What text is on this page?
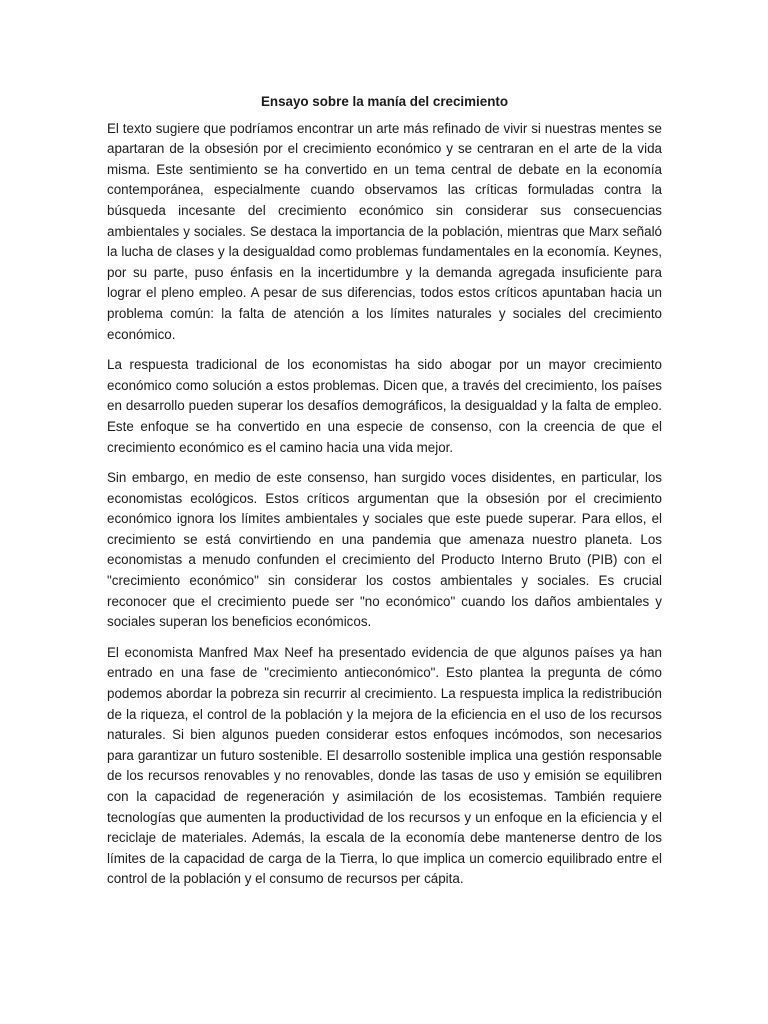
Ensayo sobre la manía del crecimiento

El texto sugiere que podríamos encontrar un arte más refinado de vivir si nuestras mentes se apartaran de la obsesión por el crecimiento económico y se centraran en el arte de la vida misma. Este sentimiento se ha convertido en un tema central de debate en la economía contemporánea, especialmente cuando observamos las críticas formuladas contra la búsqueda incesante del crecimiento económico sin considerar sus consecuencias ambientales y sociales. Se destaca la importancia de la población, mientras que Marx señaló la lucha de clases y la desigualdad como problemas fundamentales en la economía. Keynes, por su parte, puso énfasis en la incertidumbre y la demanda agregada insuficiente para lograr el pleno empleo. A pesar de sus diferencias, todos estos críticos apuntaban hacia un problema común: la falta de atención a los límites naturales y sociales del crecimiento económico.

La respuesta tradicional de los economistas ha sido abogar por un mayor crecimiento económico como solución a estos problemas. Dicen que, a través del crecimiento, los países en desarrollo pueden superar los desafíos demográficos, la desigualdad y la falta de empleo. Este enfoque se ha convertido en una especie de consenso, con la creencia de que el crecimiento económico es el camino hacia una vida mejor.

Sin embargo, en medio de este consenso, han surgido voces disidentes, en particular, los economistas ecológicos. Estos críticos argumentan que la obsesión por el crecimiento económico ignora los límites ambientales y sociales que este puede superar. Para ellos, el crecimiento se está convirtiendo en una pandemia que amenaza nuestro planeta. Los economistas a menudo confunden el crecimiento del Producto Interno Bruto (PIB) con el "crecimiento económico" sin considerar los costos ambientales y sociales. Es crucial reconocer que el crecimiento puede ser "no económico" cuando los daños ambientales y sociales superan los beneficios económicos.

El economista Manfred Max Neef ha presentado evidencia de que algunos países ya han entrado en una fase de "crecimiento antieconómico". Esto plantea la pregunta de cómo podemos abordar la pobreza sin recurrir al crecimiento. La respuesta implica la redistribución de la riqueza, el control de la población y la mejora de la eficiencia en el uso de los recursos naturales. Si bien algunos pueden considerar estos enfoques incómodos, son necesarios para garantizar un futuro sostenible. El desarrollo sostenible implica una gestión responsable de los recursos renovables y no renovables, donde las tasas de uso y emisión se equilibren con la capacidad de regeneración y asimilación de los ecosistemas. También requiere tecnologías que aumenten la productividad de los recursos y un enfoque en la eficiencia y el reciclaje de materiales. Además, la escala de la economía debe mantenerse dentro de los límites de la capacidad de carga de la Tierra, lo que implica un comercio equilibrado entre el control de la población y el consumo de recursos per cápita.
